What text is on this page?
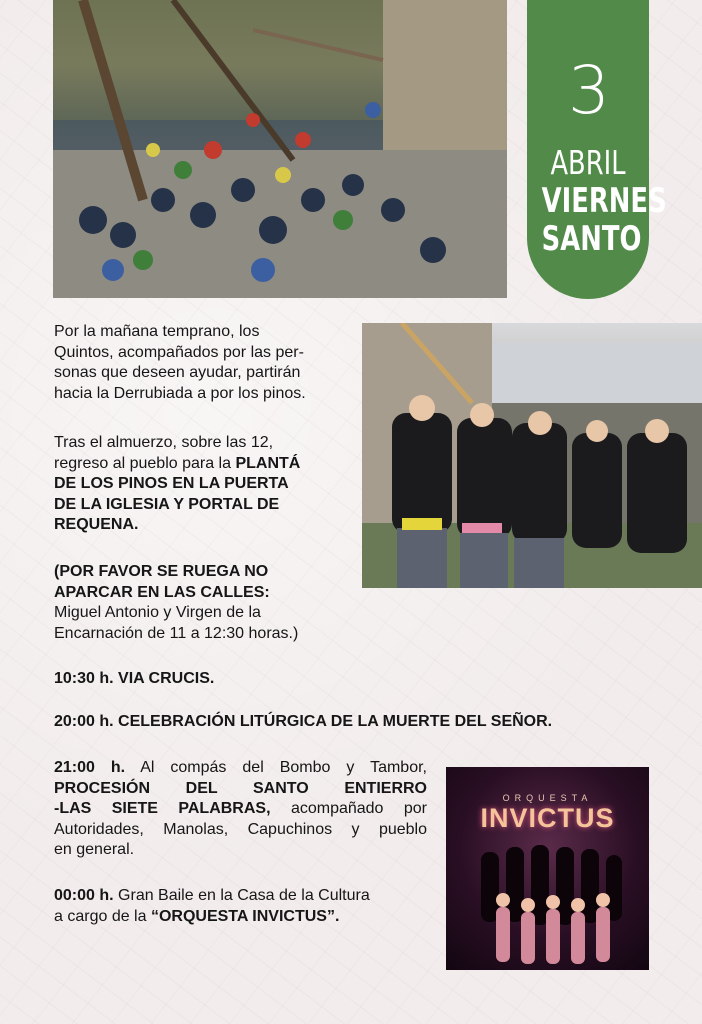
3
ABRIL
VIERNES
SANTO
Por la mañana temprano, los
Quintos, acompañados por las per-
sonas que deseen ayudar, partirán
hacia la Derrubiada a por los pinos.
Tras el almuerzo, sobre las 12,
regreso al pueblo para la PLANTÁ
DE LOS PINOS EN LA PUERTA
DE LA IGLESIA Y PORTAL DE
REQUENA.
(POR FAVOR SE RUEGA NO
APARCAR EN LAS CALLES:
Miguel Antonio y Virgen de la
Encarnación de 11 a 12:30 horas.)
10:30 h. VIA CRUCIS.
20:00 h. CELEBRACIÓN LITÚRGICA DE LA MUERTE DEL SEÑOR.
21:00 h. Al compás del Bombo y Tambor,
PROCESIÓN DEL SANTO ENTIERRO
-LAS SIETE PALABRAS, acompañado por
Autoridades, Manolas, Capuchinos y pueblo
en general.
00:00 h. Gran Baile en la Casa de la Cultura
a cargo de la “ORQUESTA INVICTUS”.
ORQUESTA
INVICTUS
